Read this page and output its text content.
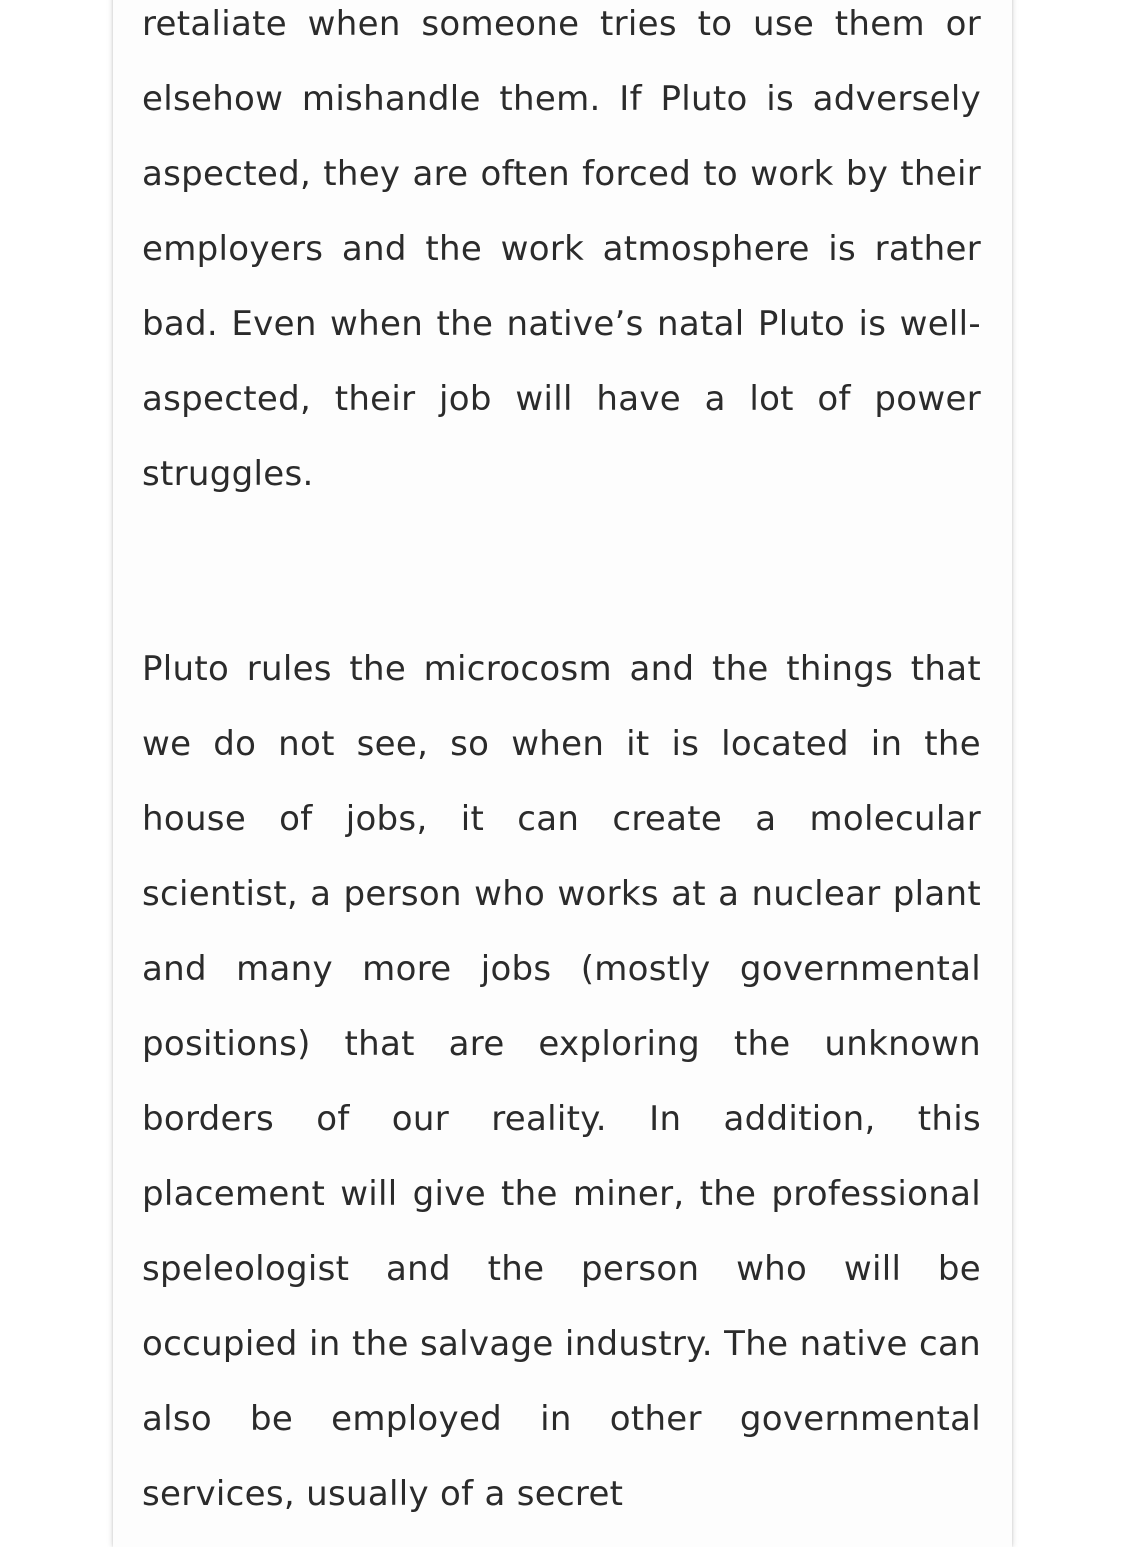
retaliate when someone tries to use them or elsehow mishandle them. If Pluto is adversely aspected, they are often forced to work by their employers and the work atmosphere is rather bad. Even when the native’s natal Pluto is well-aspected, their job will have a lot of power struggles.

Pluto rules the microcosm and the things that we do not see, so when it is located in the house of jobs, it can create a molecular scientist, a person who works at a nuclear plant and many more jobs (mostly governmental positions) that are exploring the unknown borders of our reality. In addition, this placement will give the miner, the professional speleologist and the person who will be occupied in the salvage industry. The native can also be employed in other governmental services, usually of a secret
